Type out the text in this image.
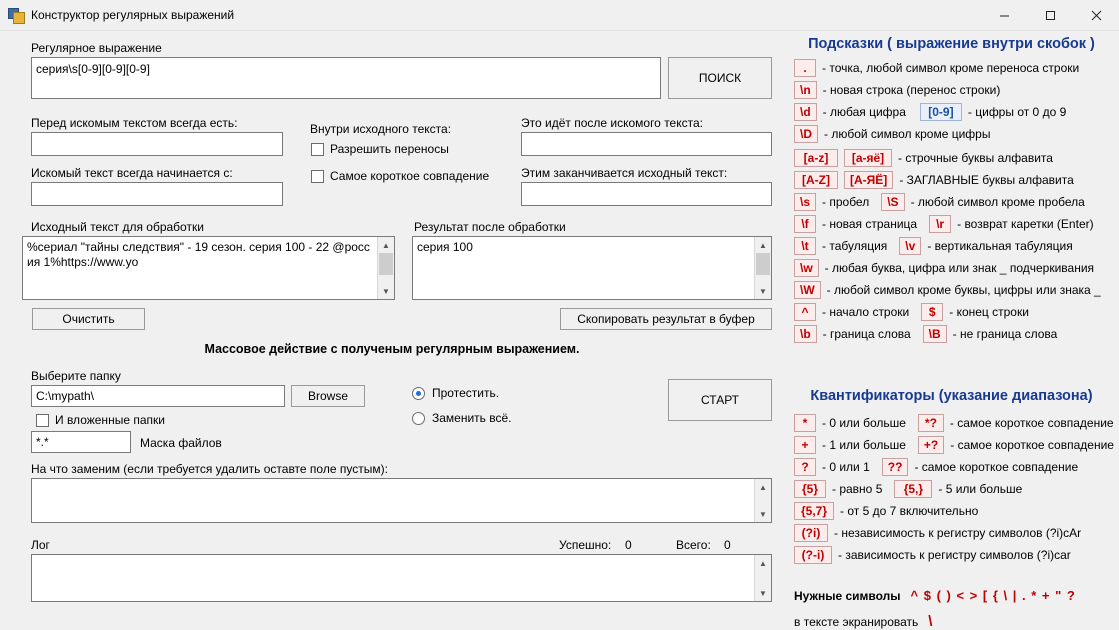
Конструктор регулярных выражений
Регулярное выражение
серия\s[0-9][0-9][0-9]
ПОИСК
Перед искомым текстом всегда есть:
Искомый текст всегда начинается с:
Внутри исходного текста:
Разрешить переносы
Самое короткое совпадение
Это идёт после искомого текста:
Этим заканчивается исходный текст:
Исходный текст для обработки
%сериал "тайны следствия" - 19 сезон. серия 100 - 22 @россия 1%https://www.yo
▲
▼
Результат после обработки
серия 100	▲
▼
Очистить	Скопировать результат в буфер
Массовое действие с полученым регулярным выражением.
Выберите папку
C:\mypath\	Browse
И вложенные папки
*.*	Маска файлов
Протестить.
Заменить всё.
СТАРТ
На что заменим (если требуется удалить оставте поле пустым):
▲
▼
Лог	Успешно: 0	Всего: 0
▲
▼
Подсказки ( выражение внутри скобок )
.	- точка, любой символ кроме переноса строки
\n	- новая строка (перенос строки)
\d	- любая цифра	[0-9]	- цифры от 0 до 9
\D	- любой символ кроме цифры
[a-z]	[а-яё]	- строчные буквы алфавита
[A-Z]	[А-ЯЁ]	- ЗАГЛАВНЫЕ буквы алфавита
\s	- пробел	\S	- любой символ кроме пробела
\f	- новая страница	\r	- возврат каретки (Enter)
\t	- табуляция	\v	- вертикальная табуляция
\w	- любая буква, цифра или знак _ подчеркивания
\W	- любой символ кроме буквы, цифры или знака _
^	- начало строки	$	- конец строки
\b	- граница слова	\B	- не граница слова
Квантификаторы (указание диапазона)
*	- 0 или больше	*?	- самое короткое совпадение
+	- 1 или больше	+?	- самое короткое совпадение
?	- 0 или 1	??	- самое короткое совпадение
{5}	- равно 5	{5,}	- 5 или больше
{5,7}	- от 5 до 7 включительно
(?i)	- независимость к регистру символов (?i)cAr
(?-i)	- зависимость к регистру символов (?i)car
Нужные символы ^ $ ( ) < > [ { \ | . * + " ?
в тексте экранировать \
